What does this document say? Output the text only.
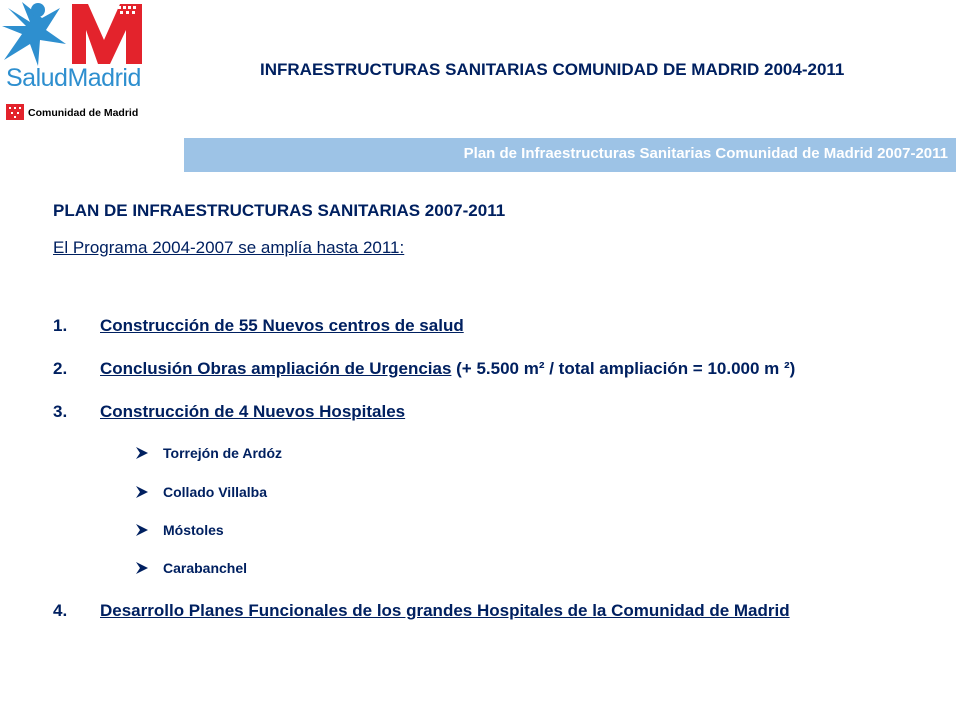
SaludMadrid
Comunidad de Madrid
INFRAESTRUCTURAS SANITARIAS COMUNIDAD DE MADRID 2004-2011
Plan de Infraestructuras Sanitarias Comunidad de Madrid 2007-2011
PLAN DE INFRAESTRUCTURAS SANITARIAS 2007-2011
El Programa 2004-2007 se amplía hasta 2011:
1. Construcción de 55 Nuevos centros de salud
2. Conclusión Obras ampliación de Urgencias (+ 5.500 m² / total ampliación = 10.000 m ²)
3. Construcción de 4 Nuevos Hospitales
Torrejón de Ardóz
Collado Villalba
Móstoles
Carabanchel
4. Desarrollo Planes Funcionales de los grandes Hospitales de la Comunidad de Madrid
